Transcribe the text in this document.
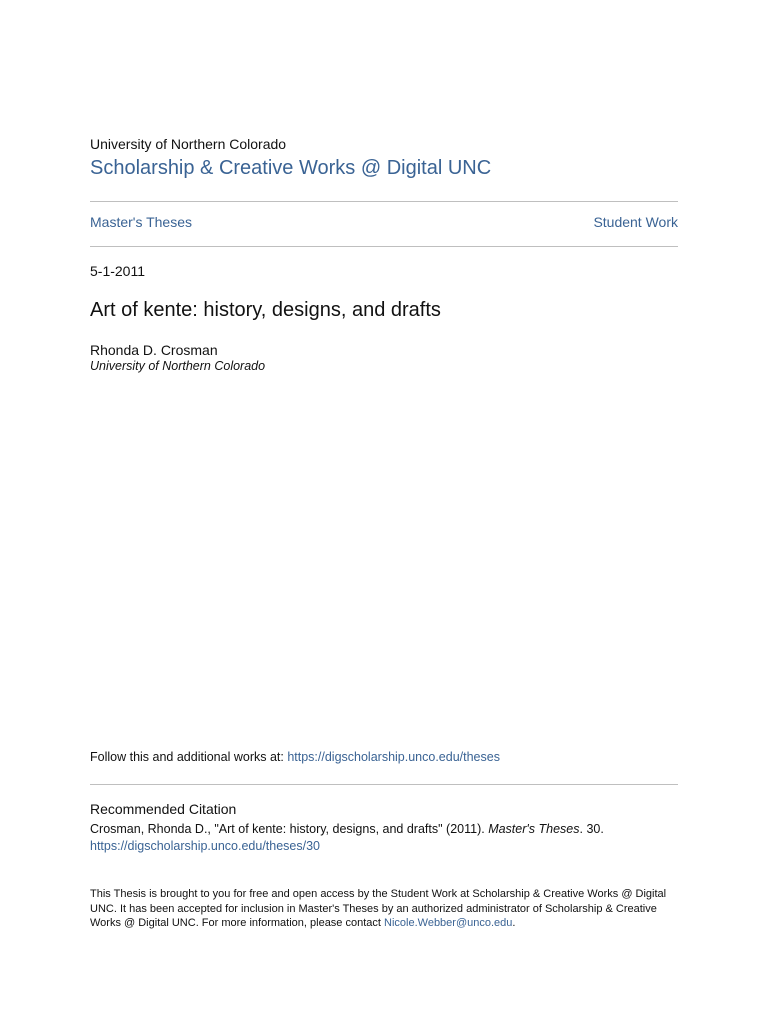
University of Northern Colorado
Scholarship & Creative Works @ Digital UNC
Master's Theses	Student Work
5-1-2011
Art of kente: history, designs, and drafts
Rhonda D. Crosman
University of Northern Colorado
Follow this and additional works at: https://digscholarship.unco.edu/theses
Recommended Citation
Crosman, Rhonda D., "Art of kente: history, designs, and drafts" (2011). Master's Theses. 30.
https://digscholarship.unco.edu/theses/30
This Thesis is brought to you for free and open access by the Student Work at Scholarship & Creative Works @ Digital UNC. It has been accepted for inclusion in Master's Theses by an authorized administrator of Scholarship & Creative Works @ Digital UNC. For more information, please contact Nicole.Webber@unco.edu.
